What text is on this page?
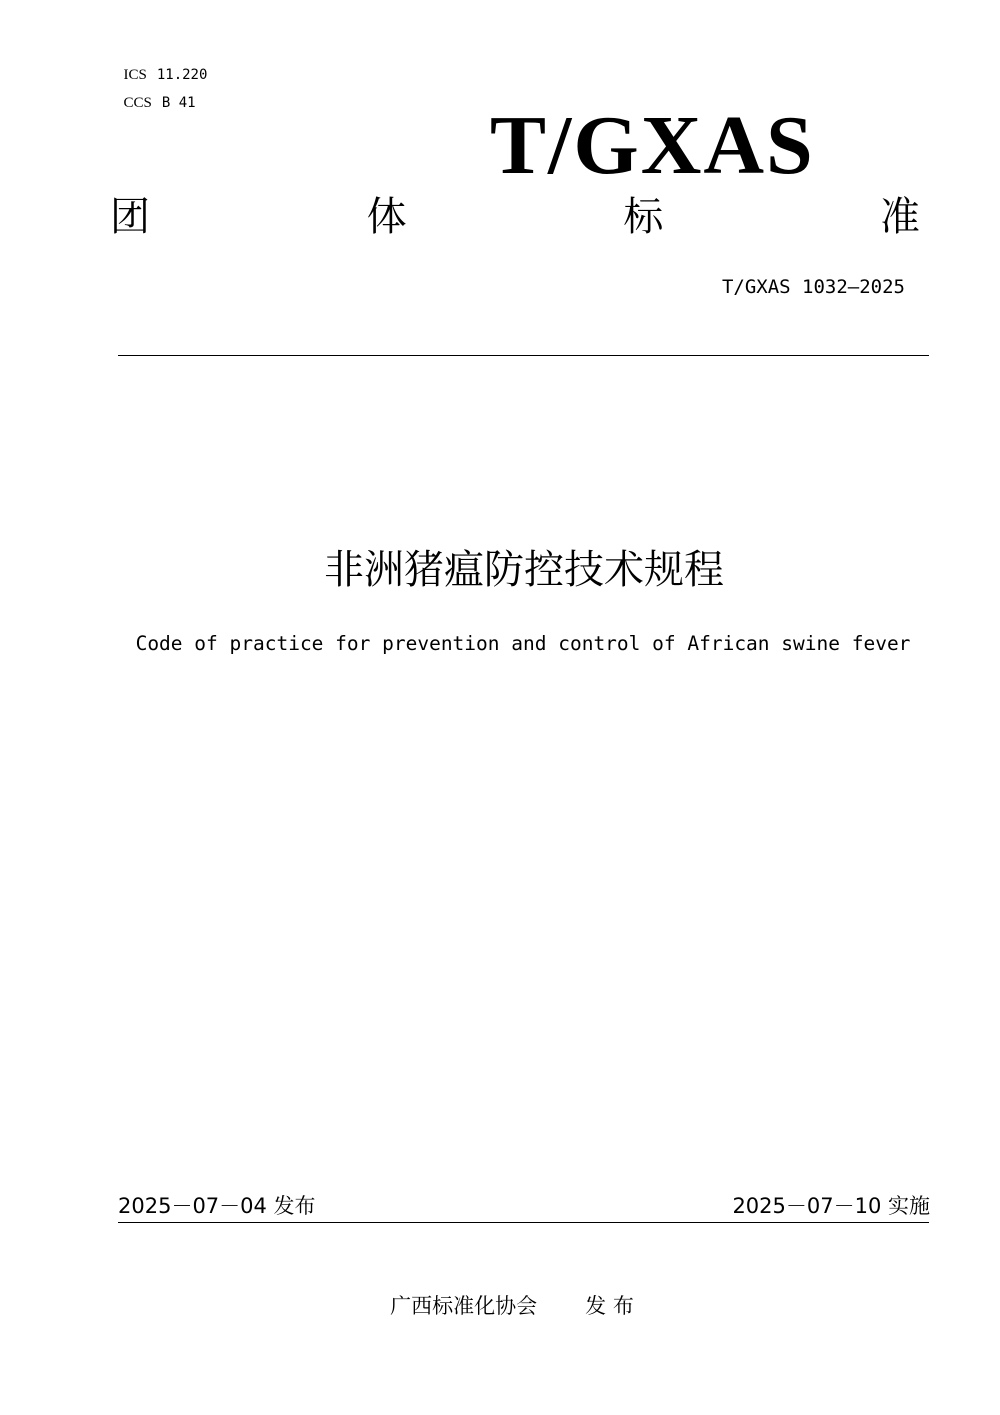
ICS 11.220

CCS B 41	T/GXAS
团	体	标	准
T/GXAS 1032—2025
非洲猪瘟防控技术规程
Code of practice for prevention and control of African swine fever
2025－07－04 发布	2025－07－10 实施
广西标准化协会 发 布
